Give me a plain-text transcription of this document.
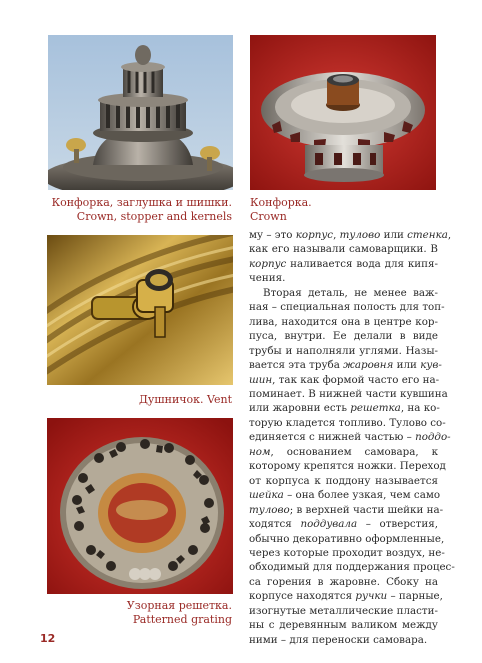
Конфорка, заглушка и шишки.
Crown, stopper and kernels
Конфорка.
Crown
Душничок. Vent
Узорная решетка.
Patterned grating
му – это корпус, тулово или стенка,
как его называли самоварщики. В
корпус наливается вода для кипя-
чения.
Вторая деталь, не менее важ-
ная – специальная полость для топ-
лива, находится она в центре кор-
пуса, внутри. Ее делали в виде
трубы и наполняли углями. Назы-
вается эта труба жаровня или кув-
шин, так как формой часто его на-
поминает. В нижней части кувшина
или жаровни есть решетка, на ко-
торую кладется топливо. Тулово со-
единяется с нижней частью – поддо-
ном, основанием самовара, к
которому крепятся ножки. Переход
от корпуса к поддону называется
шейка – она более узкая, чем само
тулово; в верхней части шейки на-
ходятся поддувала – отверстия,
обычно декоративно оформленные,
через которые проходит воздух, не-
обходимый для поддержания процес-
са горения в жаровне. Сбоку на
корпусе находятся ручки – парные,
изогнутые металлические пласти-
ны с деревянным валиком между
ними – для переноски самовара.
12
